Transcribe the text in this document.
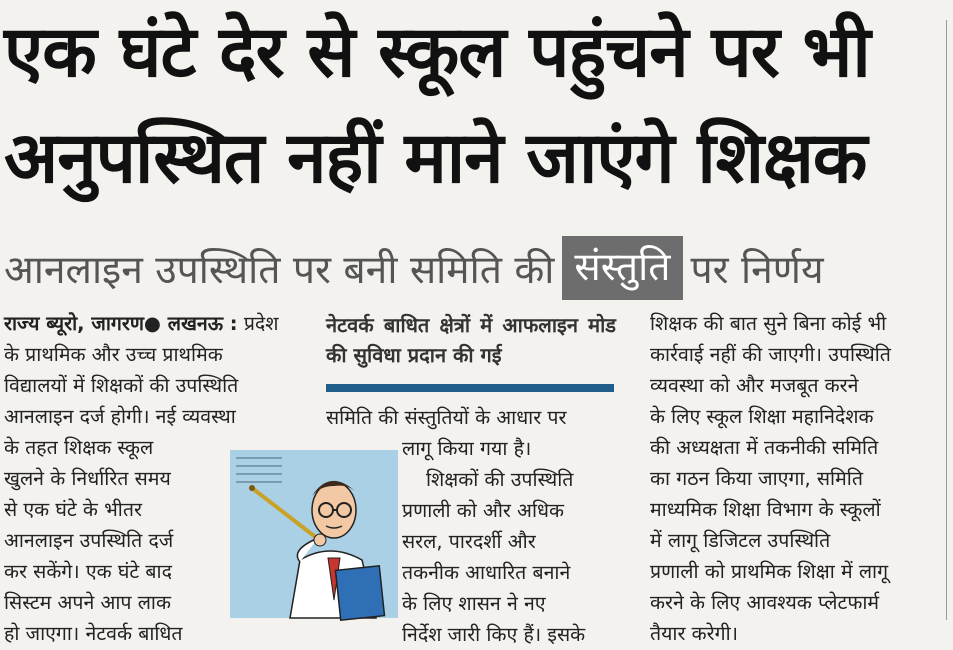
एक घंटे देर से स्कूल पहुंचने पर भी
अनुपस्थित नहीं माने जाएंगे शिक्षक
आनलाइन उपस्थिति पर बनी समिति की संस्तुति पर निर्णय

राज्य ब्यूरो, जागरण● लखनऊ : प्रदेश

के प्राथमिक और उच्च प्राथमिक

विद्यालयों में शिक्षकों की उपस्थिति

आनलाइन दर्ज होगी। नई व्यवस्था

के तहत शिक्षक स्कूल

खुलने के निर्धारित समय

से एक घंटे के भीतर

आनलाइन उपस्थिति दर्ज

कर सकेंगे। एक घंटे बाद

सिस्टम अपने आप लाक

हो जाएगा। नेटवर्क बाधित

नेटवर्क बाधित क्षेत्रों में आफलाइन मोड की सुविधा प्रदान की गई

समिति की संस्तुतियों के आधार पर

लागू किया गया है।

शिक्षकों की उपस्थिति

प्रणाली को और अधिक

सरल, पारदर्शी और

तकनीक आधारित बनाने

के लिए शासन ने नए

निर्देश जारी किए हैं। इसके

शिक्षक की बात सुने बिना कोई भी

कार्रवाई नहीं की जाएगी। उपस्थिति

व्यवस्था को और मजबूत करने

के लिए स्कूल शिक्षा महानिदेशक

की अध्यक्षता में तकनीकी समिति

का गठन किया जाएगा, समिति

माध्यमिक शिक्षा विभाग के स्कूलों

में लागू डिजिटल उपस्थिति

प्रणाली को प्राथमिक शिक्षा में लागू

करने के लिए आवश्यक प्लेटफार्म

तैयार करेगी।
